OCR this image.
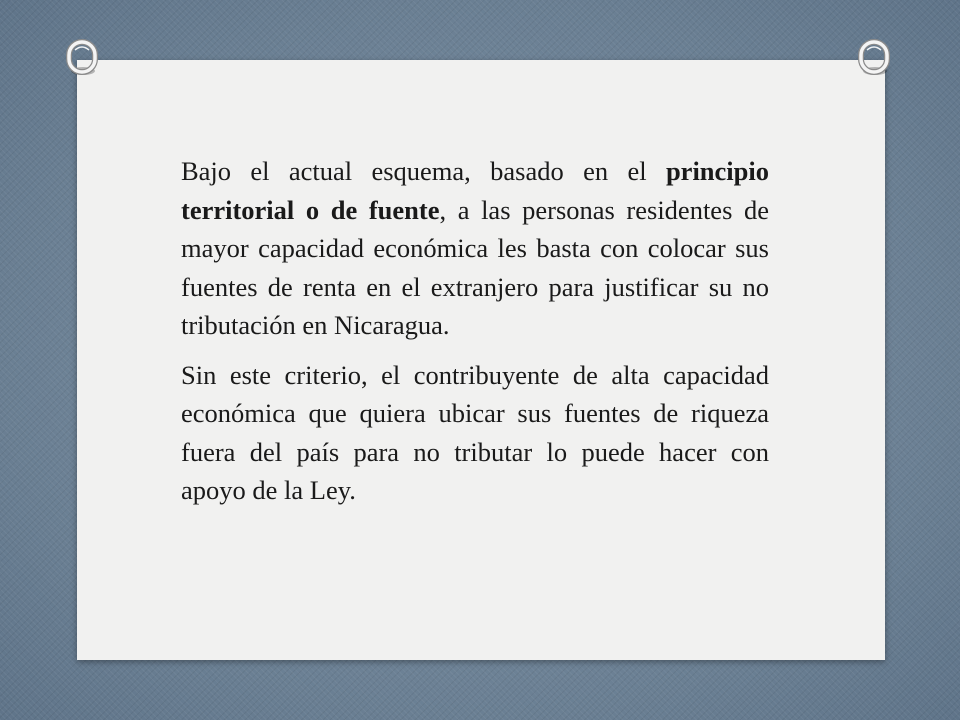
Bajo el actual esquema, basado en el principio territorial o de fuente, a las personas residentes de mayor capacidad económica les basta con colocar sus fuentes de renta en el extranjero para justificar su no tributación en Nicaragua.

Sin este criterio, el contribuyente de alta capacidad económica que quiera ubicar sus fuentes de riqueza fuera del país para no tributar lo puede hacer con apoyo de la Ley.
